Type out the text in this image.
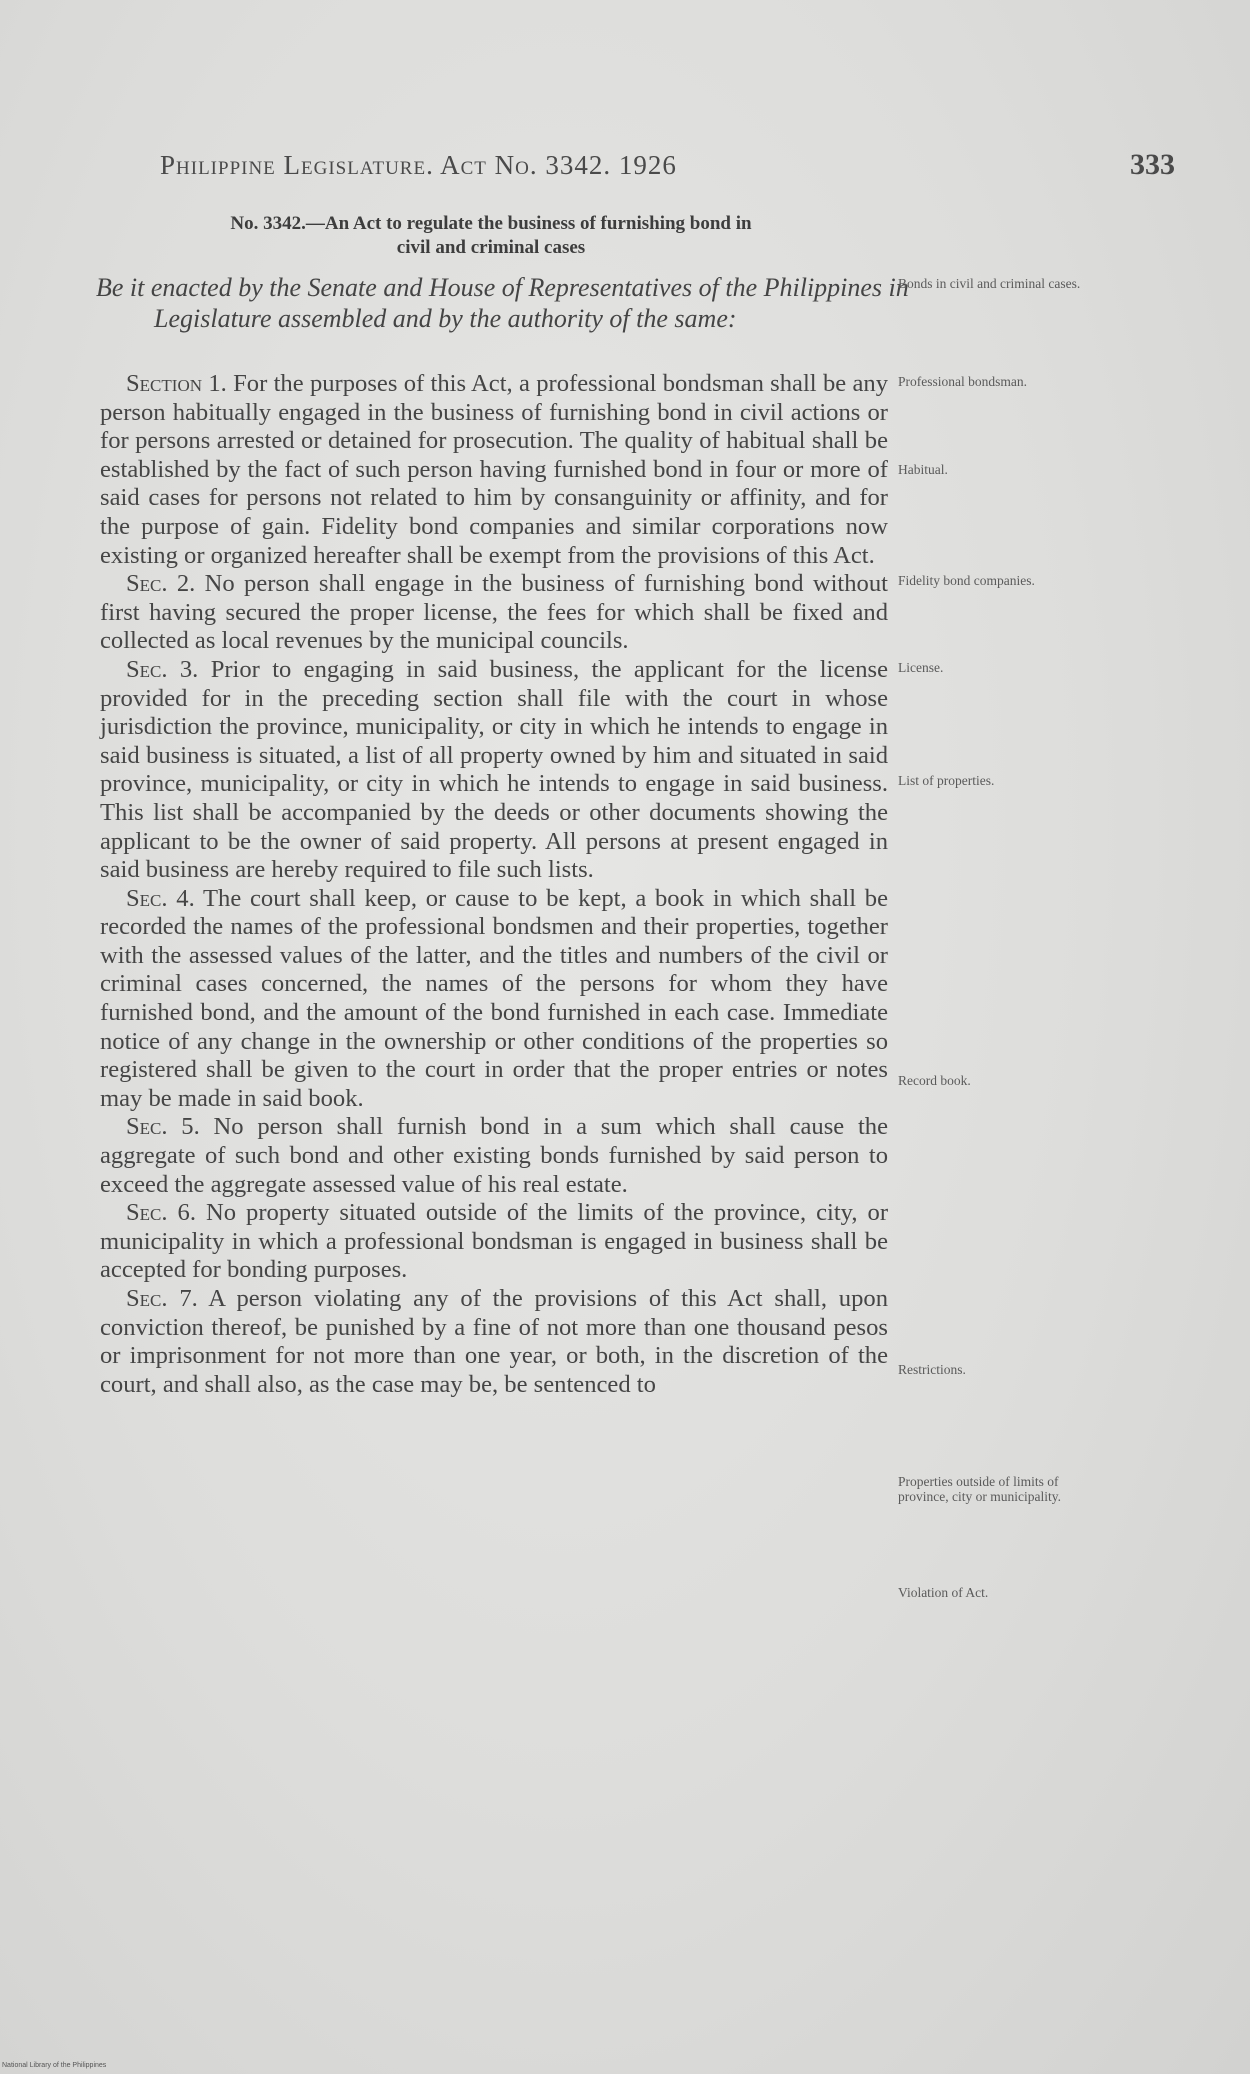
Philippine Legislature. Act No. 3342. 1926	333
No. 3342.—An Act to regulate the business of furnishing bond in
civil and criminal cases
Be it enacted by the Senate and House of Representatives of the Philippines in Legislature assembled and by the authority of the same:

Section 1. For the purposes of this Act, a professional bondsman shall be any person habitually engaged in the business of furnishing bond in civil actions or for persons arrested or detained for prosecution. The quality of habitual shall be established by the fact of such person having furnished bond in four or more of said cases for persons not related to him by consanguinity or affinity, and for the purpose of gain. Fidelity bond companies and similar corporations now existing or organized hereafter shall be exempt from the provisions of this Act.

Sec. 2. No person shall engage in the business of furnishing bond without first having secured the proper license, the fees for which shall be fixed and collected as local revenues by the municipal councils.

Sec. 3. Prior to engaging in said business, the applicant for the license provided for in the preceding section shall file with the court in whose jurisdiction the province, municipality, or city in which he intends to engage in said business is situated, a list of all property owned by him and situated in said province, municipality, or city in which he intends to engage in said business. This list shall be accompanied by the deeds or other documents showing the applicant to be the owner of said property. All persons at present engaged in said business are hereby required to file such lists.

Sec. 4. The court shall keep, or cause to be kept, a book in which shall be recorded the names of the professional bondsmen and their properties, together with the assessed values of the latter, and the titles and numbers of the civil or criminal cases concerned, the names of the persons for whom they have furnished bond, and the amount of the bond furnished in each case. Immediate notice of any change in the ownership or other conditions of the properties so registered shall be given to the court in order that the proper entries or notes may be made in said book.

Sec. 5. No person shall furnish bond in a sum which shall cause the aggregate of such bond and other existing bonds furnished by said person to exceed the aggregate assessed value of his real estate.

Sec. 6. No property situated outside of the limits of the province, city, or municipality in which a professional bondsman is engaged in business shall be accepted for bonding purposes.

Sec. 7. A person violating any of the provisions of this Act shall, upon conviction thereof, be punished by a fine of not more than one thousand pesos or imprisonment for not more than one year, or both, in the discretion of the court, and shall also, as the case may be, be sentenced to

Bonds in civil and criminal cases.
Professional bondsman.
Habitual.
Fidelity bond companies.
License.
List of properties.
Record book.
Restrictions.
Properties outside of limits of province, city or municipality.
Violation of Act.
National Library of the Philippines
